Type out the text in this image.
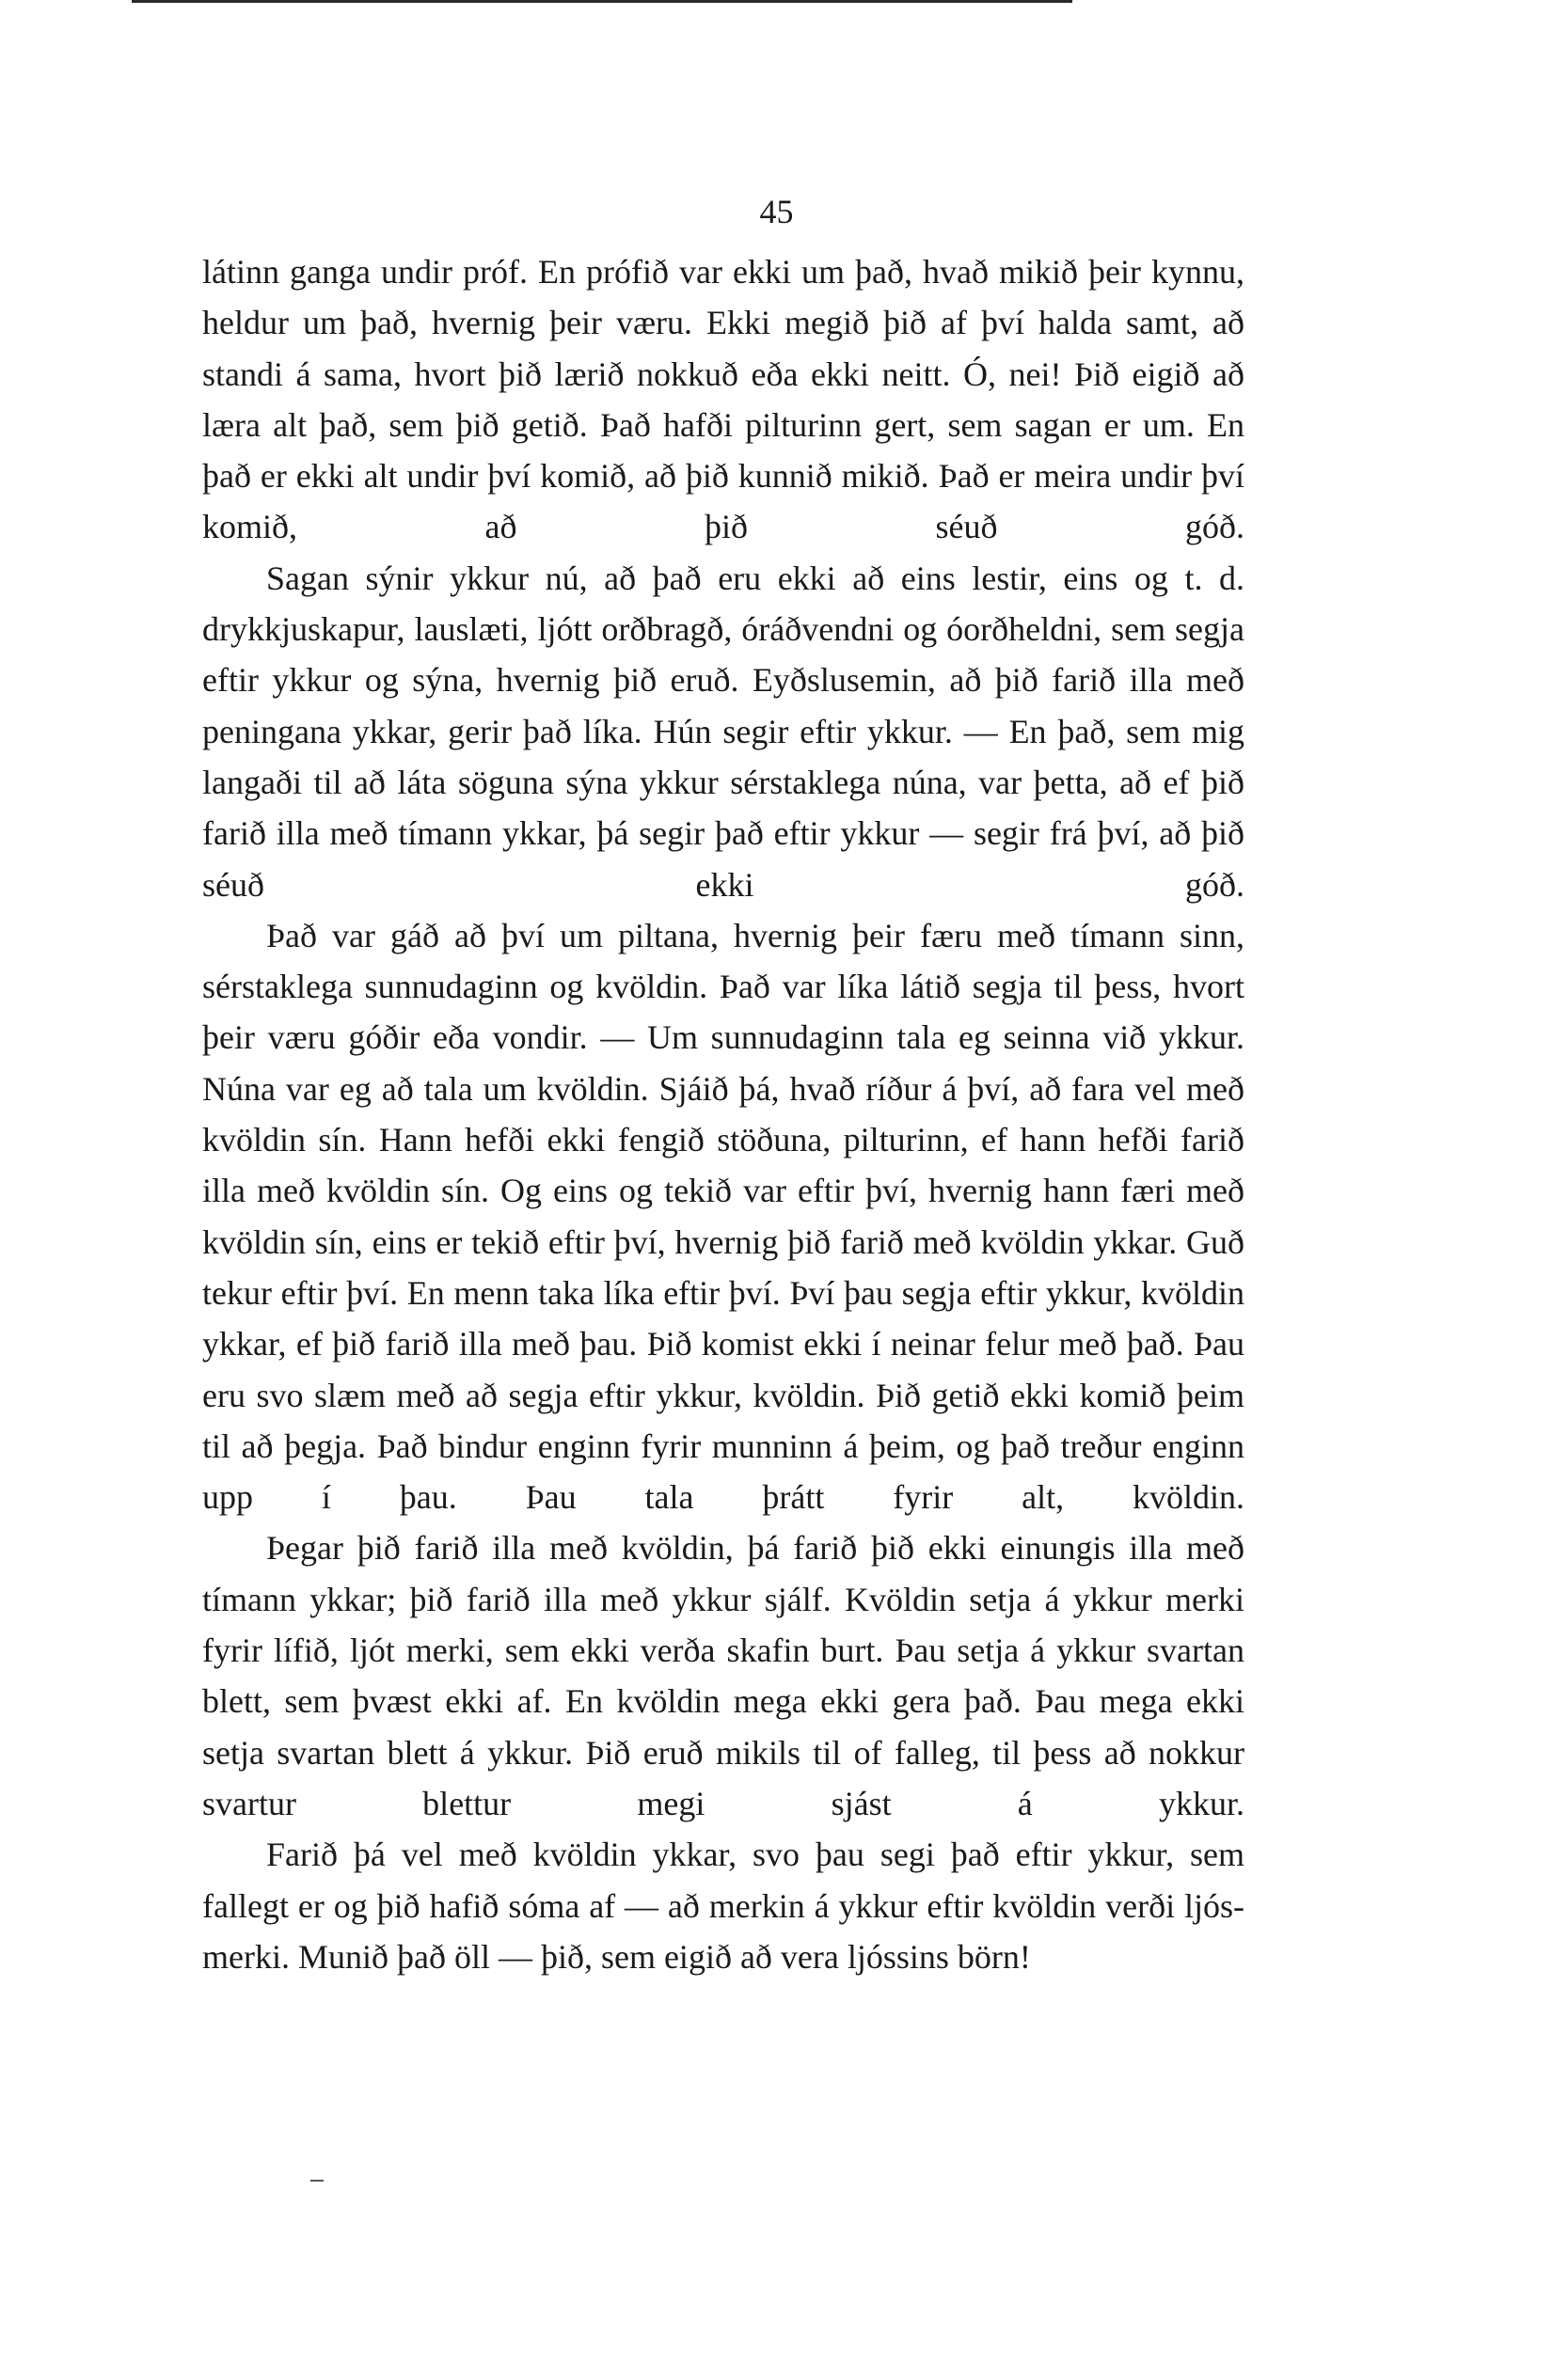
45

látinn ganga undir próf. En prófið var ekki um það, hvað mikið þeir kynnu, heldur um það, hvernig þeir væru. Ekki megið þið af því halda samt, að standi á sama, hvort þið lærið nokkuð eða ekki neitt. Ó, nei! Þið eigið að læra alt það, sem þið getið. Það hafði pilturinn gert, sem sagan er um. En það er ekki alt undir því komið, að þið kunnið mikið. Það er meira undir því komið, að þið séuð góð.

Sagan sýnir ykkur nú, að það eru ekki að eins lestir, eins og t. d. drykkjuskapur, lauslæti, ljótt orðbragð, óráðvendni og óorðheldni, sem segja eftir ykkur og sýna, hvernig þið eruð. Eyðslusemin, að þið farið illa með peningana ykkar, gerir það líka. Hún segir eftir ykkur. — En það, sem mig langaði til að láta söguna sýna ykkur sérstaklega núna, var þetta, að ef þið farið illa með tímann ykkar, þá segir það eftir ykkur — segir frá því, að þið séuð ekki góð.

Það var gáð að því um piltana, hvernig þeir færu með tímann sinn, sérstaklega sunnudaginn og kvöldin. Það var líka látið segja til þess, hvort þeir væru góðir eða vondir. — Um sunnudaginn tala eg seinna við ykkur. Núna var eg að tala um kvöldin. Sjáið þá, hvað ríður á því, að fara vel með kvöldin sín. Hann hefði ekki fengið stöðuna, pilturinn, ef hann hefði farið illa með kvöldin sín. Og eins og tekið var eftir því, hvernig hann færi með kvöldin sín, eins er tekið eftir því, hvernig þið farið með kvöldin ykkar. Guð tekur eftir því. En menn taka líka eftir því. Því þau segja eftir ykkur, kvöldin ykkar, ef þið farið illa með þau. Þið komist ekki í neinar felur með það. Þau eru svo slæm með að segja eftir ykkur, kvöldin. Þið getið ekki komið þeim til að þegja. Það bindur enginn fyrir munninn á þeim, og það treður enginn upp í þau. Þau tala þrátt fyrir alt, kvöldin.

Þegar þið farið illa með kvöldin, þá farið þið ekki einungis illa með tímann ykkar; þið farið illa með ykkur sjálf. Kvöldin setja á ykkur merki fyrir lífið, ljót merki, sem ekki verða skafin burt. Þau setja á ykkur svartan blett, sem þvæst ekki af. En kvöldin mega ekki gera það. Þau mega ekki setja svartan blett á ykkur. Þið eruð mikils til of falleg, til þess að nokkur svartur blettur megi sjást á ykkur.

Farið þá vel með kvöldin ykkar, svo þau segi það eftir ykkur, sem fallegt er og þið hafið sóma af — að merkin á ykkur eftir kvöldin verði ljós-merki. Munið það öll — þið, sem eigið að vera ljóssins börn!
